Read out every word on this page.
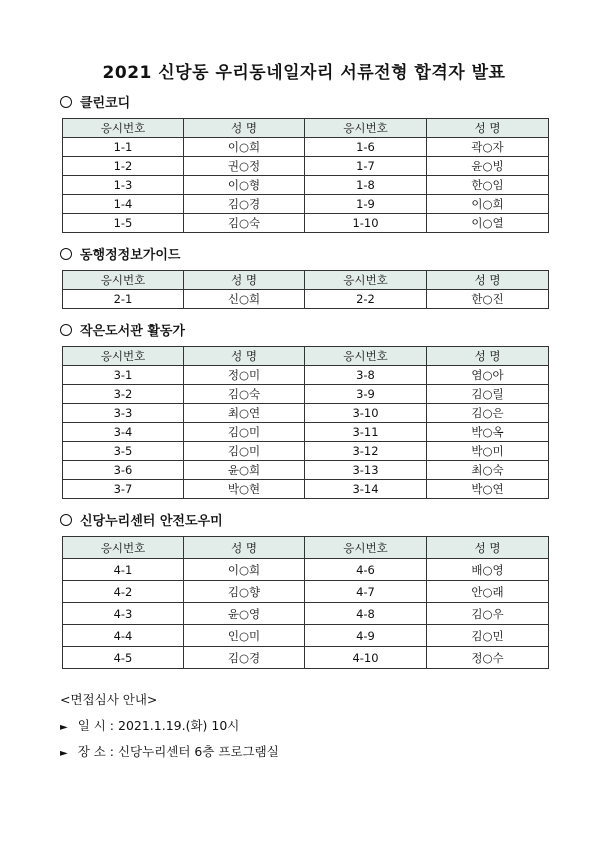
2021 신당동 우리동네일자리 서류전형 합격자 발표
클린코디
응시번호	성 명	응시번호	성 명
1-1	이○희	1-6	곽○자
1-2	권○정	1-7	윤○빙
1-3	이○형	1-8	한○임
1-4	김○경	1-9	이○희
1-5	김○숙	1-10	이○열
동행정정보가이드
응시번호	성 명	응시번호	성 명
2-1	신○희	2-2	한○진
작은도서관 활동가
응시번호	성 명	응시번호	성 명
3-1	정○미	3-8	염○아
3-2	김○숙	3-9	김○릴
3-3	최○연	3-10	김○은
3-4	김○미	3-11	박○옥
3-5	김○미	3-12	박○미
3-6	윤○희	3-13	최○숙
3-7	박○현	3-14	박○연
신당누리센터 안전도우미
응시번호	성 명	응시번호	성 명
4-1	이○희	4-6	배○영
4-2	김○향	4-7	안○래
4-3	윤○영	4-8	김○우
4-4	인○미	4-9	김○민
4-5	김○경	4-10	정○수
<면접심사 안내>
► 일 시 : 2021.1.19.(화) 10시
► 장 소 : 신당누리센터 6층 프로그램실
